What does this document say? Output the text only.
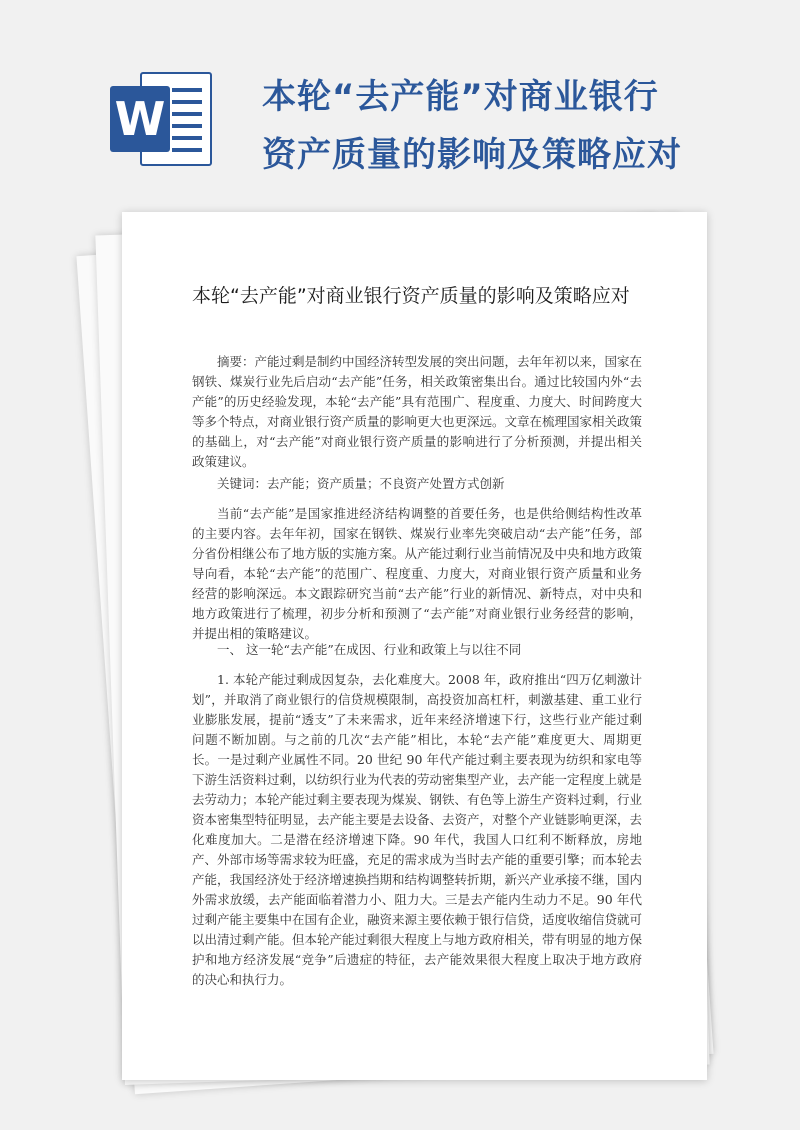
W	本轮“去产能”对商业银行资产质量的影响及策略应对
本轮“去产能”对商业银行资产质量的影响及策略应对

摘要：产能过剩是制约中国经济转型发展的突出问题，去年年初以来，国家在钢铁、煤炭行业先后启动“去产能”任务，相关政策密集出台。通过比较国内外“去产能”的历史经验发现，本轮“去产能”具有范围广、程度重、力度大、时间跨度大等多个特点，对商业银行资产质量的影响更大也更深远。文章在梳理国家相关政策的基础上，对“去产能”对商业银行资产质量的影响进行了分析预测，并提出相关政策建议。

关键词：去产能；资产质量；不良资产处置方式创新

当前“去产能”是国家推进经济结构调整的首要任务，也是供给侧结构性改革的主要内容。去年年初，国家在钢铁、煤炭行业率先突破启动“去产能”任务，部分省份相继公布了地方版的实施方案。从产能过剩行业当前情况及中央和地方政策导向看，本轮“去产能”的范围广、程度重、力度大，对商业银行资产质量和业务经营的影响深远。本文跟踪研究当前“去产能”行业的新情况、新特点，对中央和地方政策进行了梳理，初步分析和预测了“去产能”对商业银行业务经营的影响，并提出相的策略建议。

一、 这一轮“去产能”在成因、行业和政策上与以往不同

1. 本轮产能过剩成因复杂，去化难度大。2008 年，政府推出“四万亿刺激计划”，并取消了商业银行的信贷规模限制，高投资加高杠杆，刺激基建、重工业行业膨胀发展，提前“透支”了未来需求，近年来经济增速下行，这些行业产能过剩问题不断加剧。与之前的几次“去产能”相比，本轮“去产能”难度更大、周期更长。一是过剩产业属性不同。20 世纪 90 年代产能过剩主要表现为纺织和家电等下游生活资料过剩，以纺织行业为代表的劳动密集型产业，去产能一定程度上就是去劳动力；本轮产能过剩主要表现为煤炭、钢铁、有色等上游生产资料过剩，行业资本密集型特征明显，去产能主要是去设备、去资产，对整个产业链影响更深，去化难度加大。二是潜在经济增速下降。90 年代，我国人口红利不断释放，房地产、外部市场等需求较为旺盛，充足的需求成为当时去产能的重要引擎；而本轮去产能，我国经济处于经济增速换挡期和结构调整转折期，新兴产业承接不继，国内外需求放缓，去产能面临着潜力小、阻力大。三是去产能内生动力不足。90 年代过剩产能主要集中在国有企业，融资来源主要依赖于银行信贷，适度收缩信贷就可以出清过剩产能。但本轮产能过剩很大程度上与地方政府相关，带有明显的地方保护和地方经济发展“竞争”后遗症的特征，去产能效果很大程度上取决于地方政府的决心和执行力。
